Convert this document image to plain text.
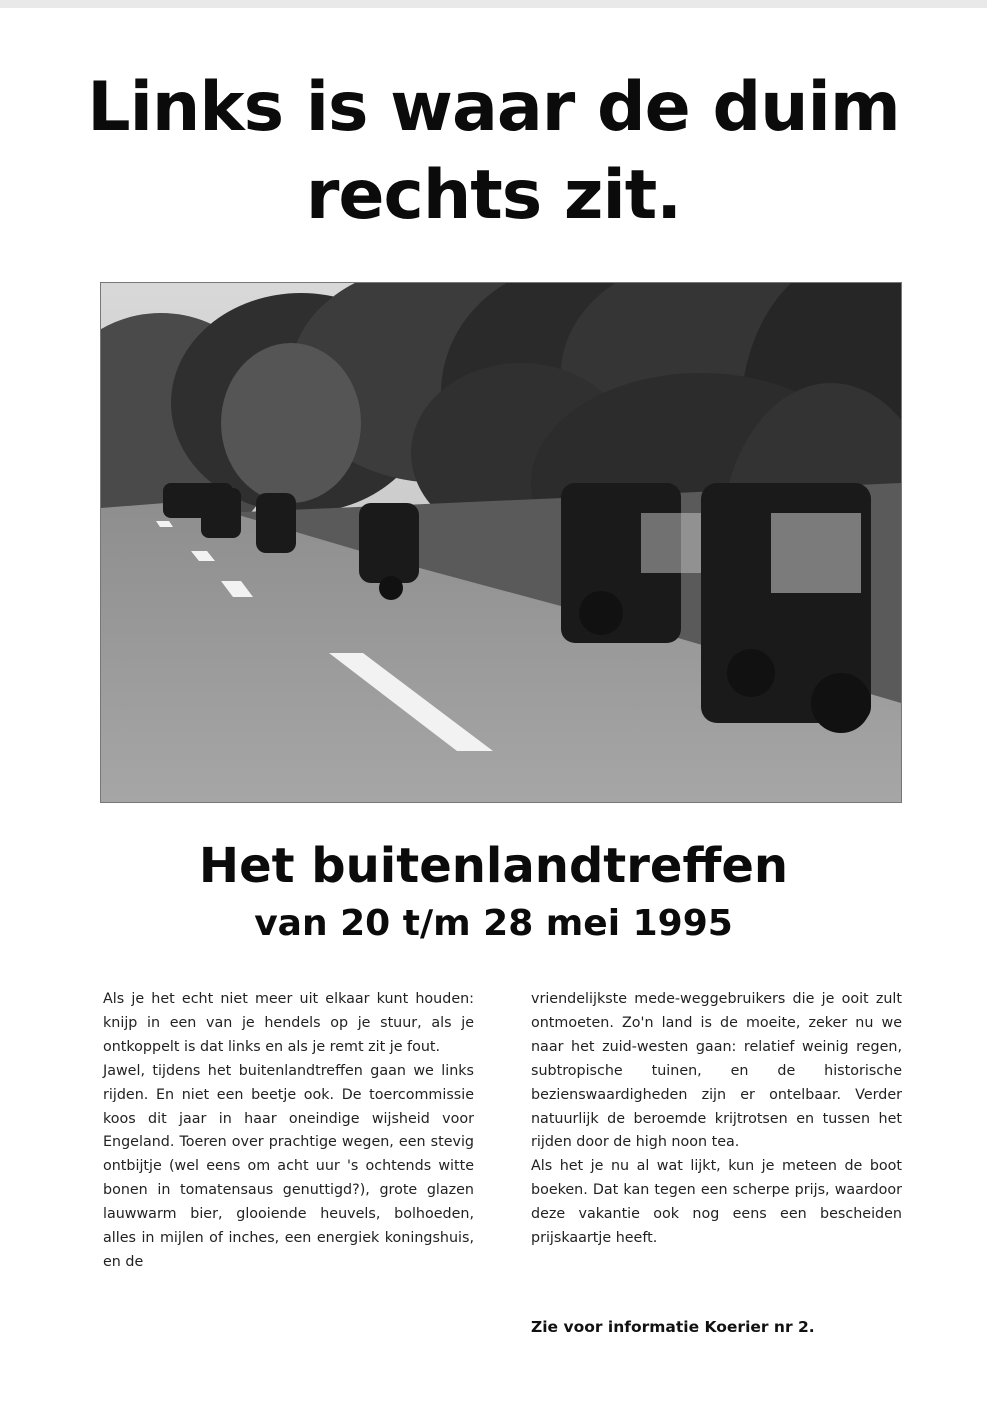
Links is waar de duim
rechts zit.
Het buitenlandtreffen
van 20 t/m 28 mei 1995

Als je het echt niet meer uit elkaar kunt houden: knijp in een van je hendels op je stuur, als je ontkoppelt is dat links en als je remt zit je fout.

Jawel, tijdens het buitenlandtreffen gaan we links rijden. En niet een beetje ook. De toercommissie koos dit jaar in haar oneindige wijsheid voor Engeland. Toeren over prachtige wegen, een stevig ontbijtje (wel eens om acht uur 's ochtends witte bonen in tomatensaus genuttigd?), grote glazen lauwwarm bier, glooiende heuvels, bolhoeden, alles in mijlen of inches, een energiek koningshuis, en de

vriendelijkste mede-weggebruikers die je ooit zult ontmoeten. Zo'n land is de moeite, zeker nu we naar het zuid-westen gaan: relatief weinig regen, subtropische tuinen, en de historische bezienswaardigheden zijn er ontelbaar. Verder natuurlijk de beroemde krijtrotsen en tussen het rijden door de high noon tea.

Als het je nu al wat lijkt, kun je meteen de boot boeken. Dat kan tegen een scherpe prijs, waardoor deze vakantie ook nog eens een bescheiden prijskaartje heeft.

Zie voor informatie Koerier nr 2.
